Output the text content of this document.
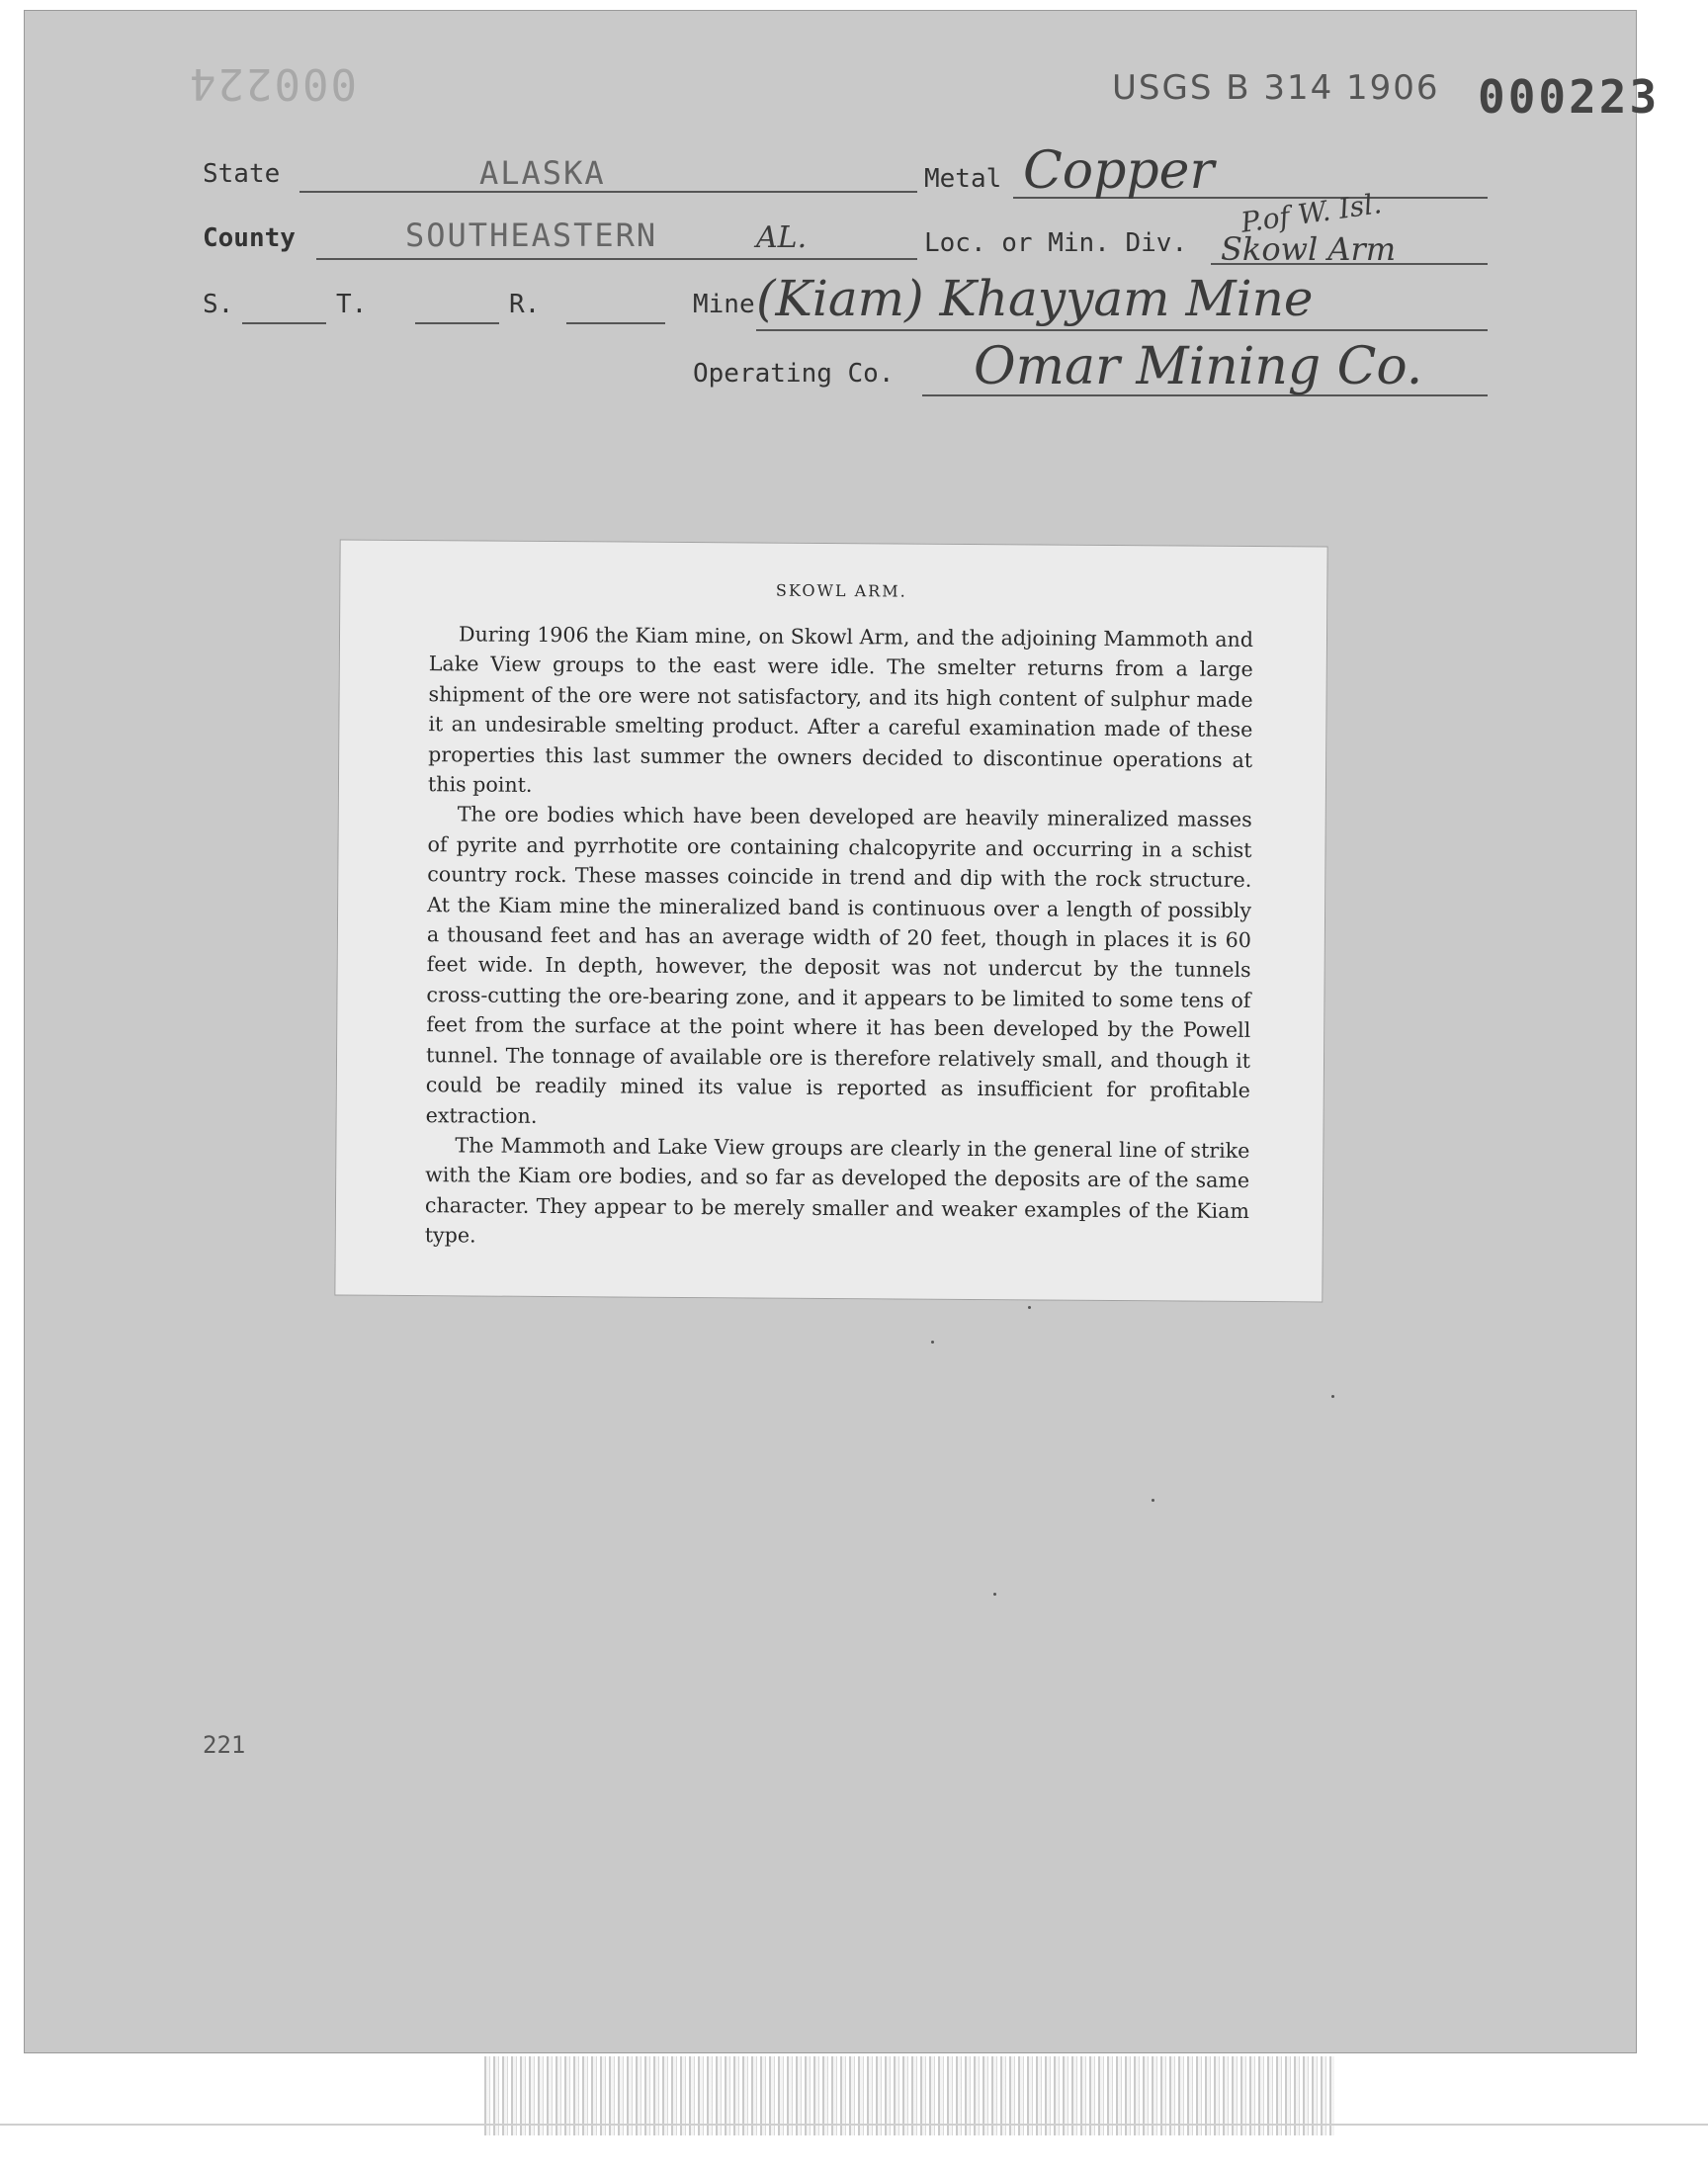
000224	USGS B 314 1906 000223
State	ALASKA
County	SOUTHEASTERN	AL.
Metal Copper
Loc. or Min. Div.
P.of W. Isl.
Skowl Arm
S.	T.	R.	Mine (Kiam) Khayyam Mine
Operating Co. Omar Mining Co.
SKOWL ARM.

During 1906 the Kiam mine, on Skowl Arm, and the adjoining Mammoth and Lake View groups to the east were idle. The smelter returns from a large shipment of the ore were not satisfactory, and its high content of sulphur made it an undesirable smelting product. After a careful examination made of these properties this last summer the owners decided to discontinue operations at this point.

The ore bodies which have been developed are heavily mineralized masses of pyrite and pyrrhotite ore containing chalcopyrite and occurring in a schist country rock. These masses coincide in trend and dip with the rock structure. At the Kiam mine the mineralized band is continuous over a length of possibly a thousand feet and has an average width of 20 feet, though in places it is 60 feet wide. In depth, however, the deposit was not undercut by the tunnels cross-cutting the ore-bearing zone, and it appears to be limited to some tens of feet from the surface at the point where it has been developed by the Powell tunnel. The tonnage of available ore is therefore relatively small, and though it could be readily mined its value is reported as insufficient for profitable extraction.

The Mammoth and Lake View groups are clearly in the general line of strike with the Kiam ore bodies, and so far as developed the deposits are of the same character. They appear to be merely smaller and weaker examples of the Kiam type.

221
